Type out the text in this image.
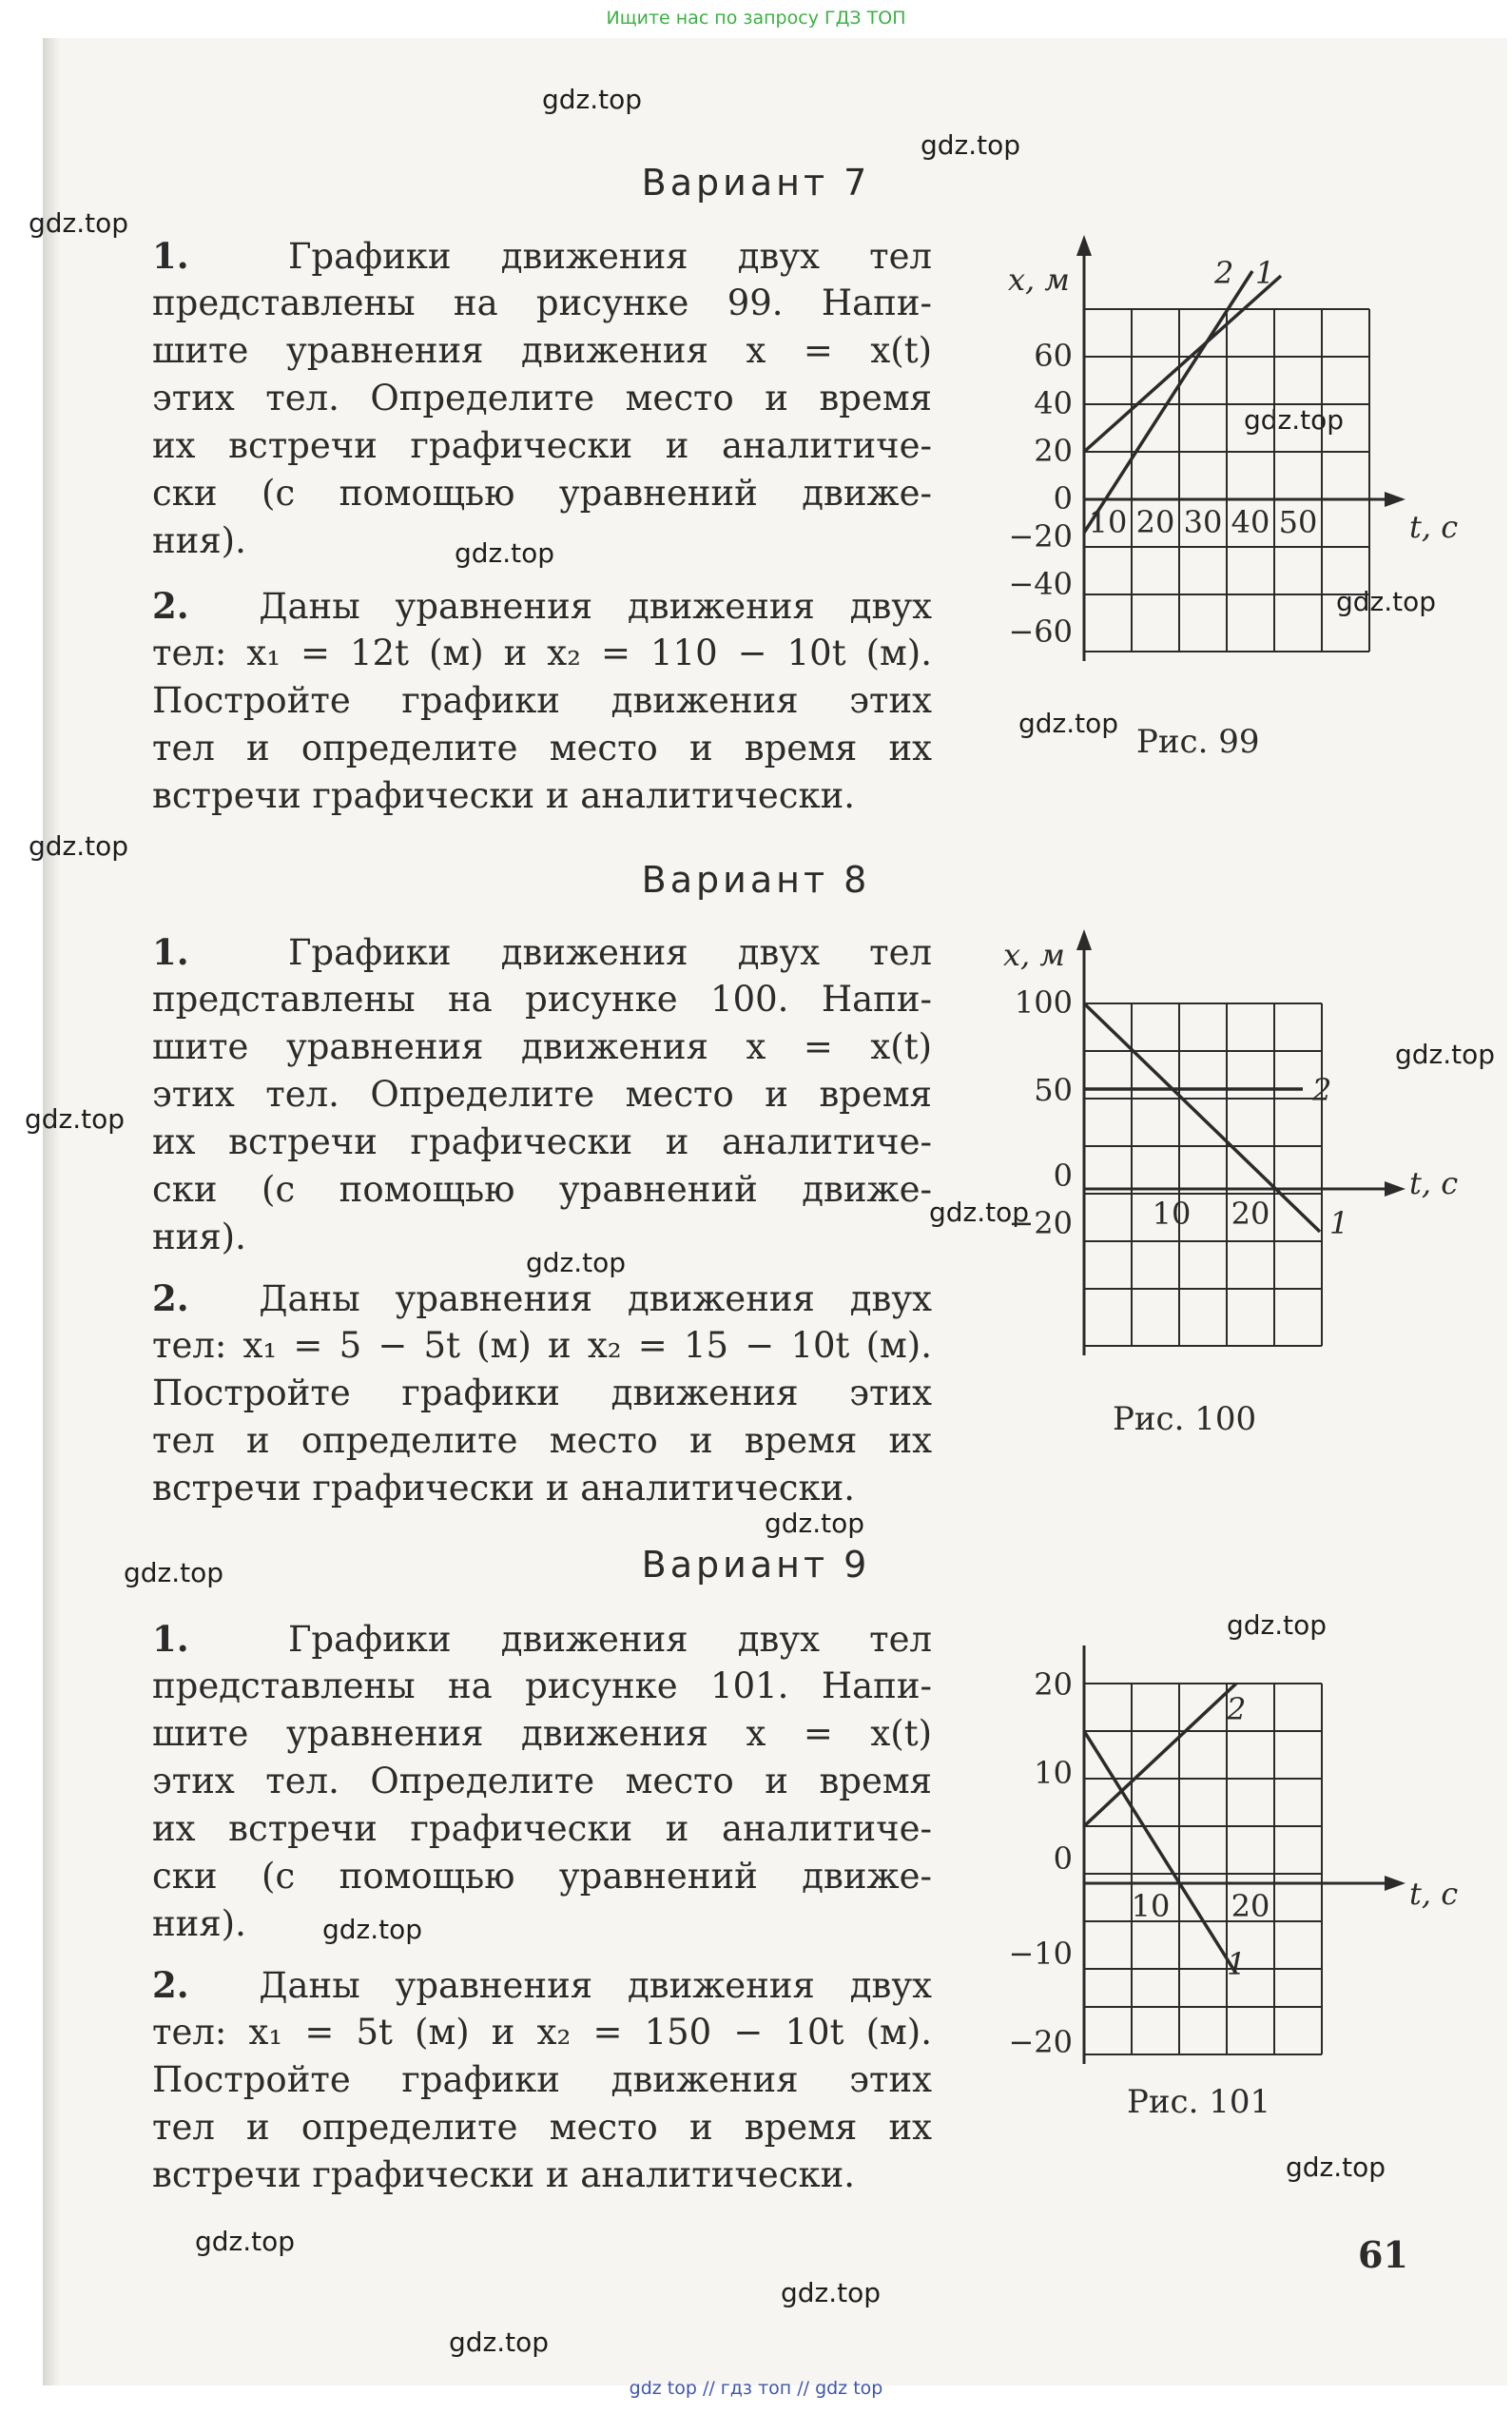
Ищите нас по запросу ГДЗ ТОП
gdz.top
gdz.top
gdz.top
gdz.top
gdz.top
gdz.top
gdz.top
gdz.top
gdz.top
gdz.top
gdz.top
gdz.top
gdz.top
gdz.top
gdz.top
gdz.top
gdz.top
gdz.top
gdz.top
gdz.top
Вариант 7
1.	Графики движения двух тел
представлены на рисунке 99. Напи-
шите уравнения движения x = x(t)
этих тел. Определите место и время
их встречи графически и аналитиче-
ски (с помощью уравнений движе-
ния).
2. Даны уравнения движения двух
тел: x₁ = 12t (м) и x₂ = 110 − 10t (м).
Постройте графики движения этих
тел и определите место и время их
встречи графически и аналитически.
x, м
t, с
2 1
60
40
20
0
−20
−40
−60
10 20 30 40 50
Рис. 99
Вариант 8
1.	Графики движения двух тел
представлены на рисунке 100. Напи-
шите уравнения движения x = x(t)
этих тел. Определите место и время
их встречи графически и аналитиче-
ски (с помощью уравнений движе-
ния).
2. Даны уравнения движения двух
тел: x₁ = 5 − 5t (м) и x₂ = 15 − 10t (м).
Постройте графики движения этих
тел и определите место и время их
встречи графически и аналитически.
x, м
t, с
2
1
100
50
0
−20	10 20
Рис. 100
Вариант 9
1.	Графики движения двух тел
представлены на рисунке 101. Напи-
шите уравнения движения x = x(t)
этих тел. Определите место и время
их встречи графически и аналитиче-
ски (с помощью уравнений движе-
ния).
2. Даны уравнения движения двух
тел: x₁ = 5t (м) и x₂ = 150 − 10t (м).
Постройте графики движения этих
тел и определите место и время их
встречи графически и аналитически.
2
1
t, с
20
10
0
−10
−20
10 20
Рис. 101
61
gdz top // гдз топ // gdz top
